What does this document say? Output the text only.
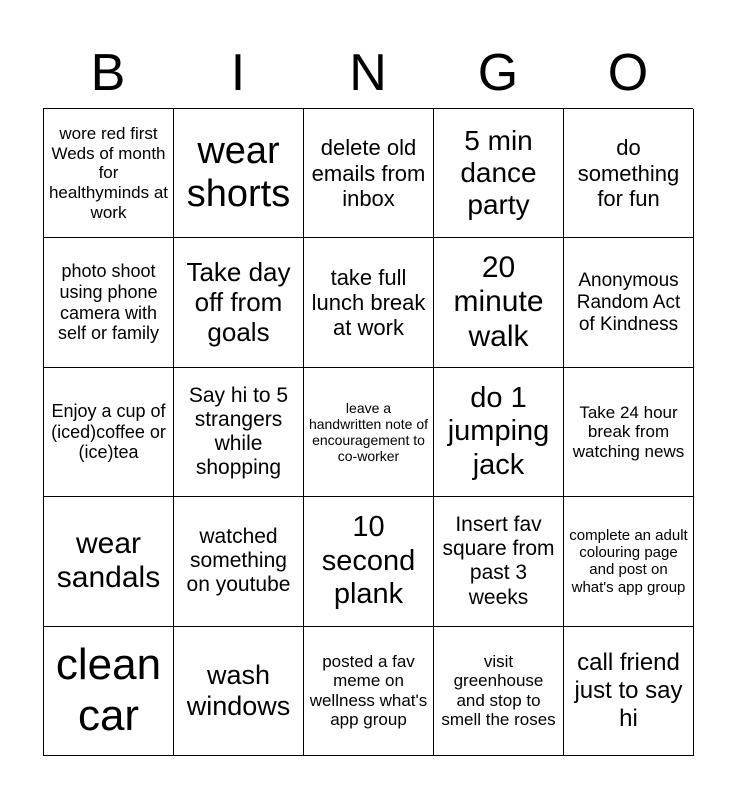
B	I	N	G	O
wore red first Weds of month for healthyminds at work
wear shorts
delete old emails from inbox
5 min dance party
do something for fun
photo shoot using phone camera with self or family
Take day off from goals
take full lunch break at work
20 minute walk
Anonymous Random Act of Kindness
Enjoy a cup of (iced)coffee or (ice)tea
Say hi to 5 strangers while shopping
leave a handwritten note of encouragement to co-worker
do 1 jumping jack
Take 24 hour break from watching news
wear sandals
watched something on youtube
10 second plank
Insert fav square from past 3 weeks
complete an adult colouring page and post on what's app group
clean car
wash windows
posted a fav meme on wellness what's app group
visit greenhouse and stop to smell the roses
call friend just to say hi
